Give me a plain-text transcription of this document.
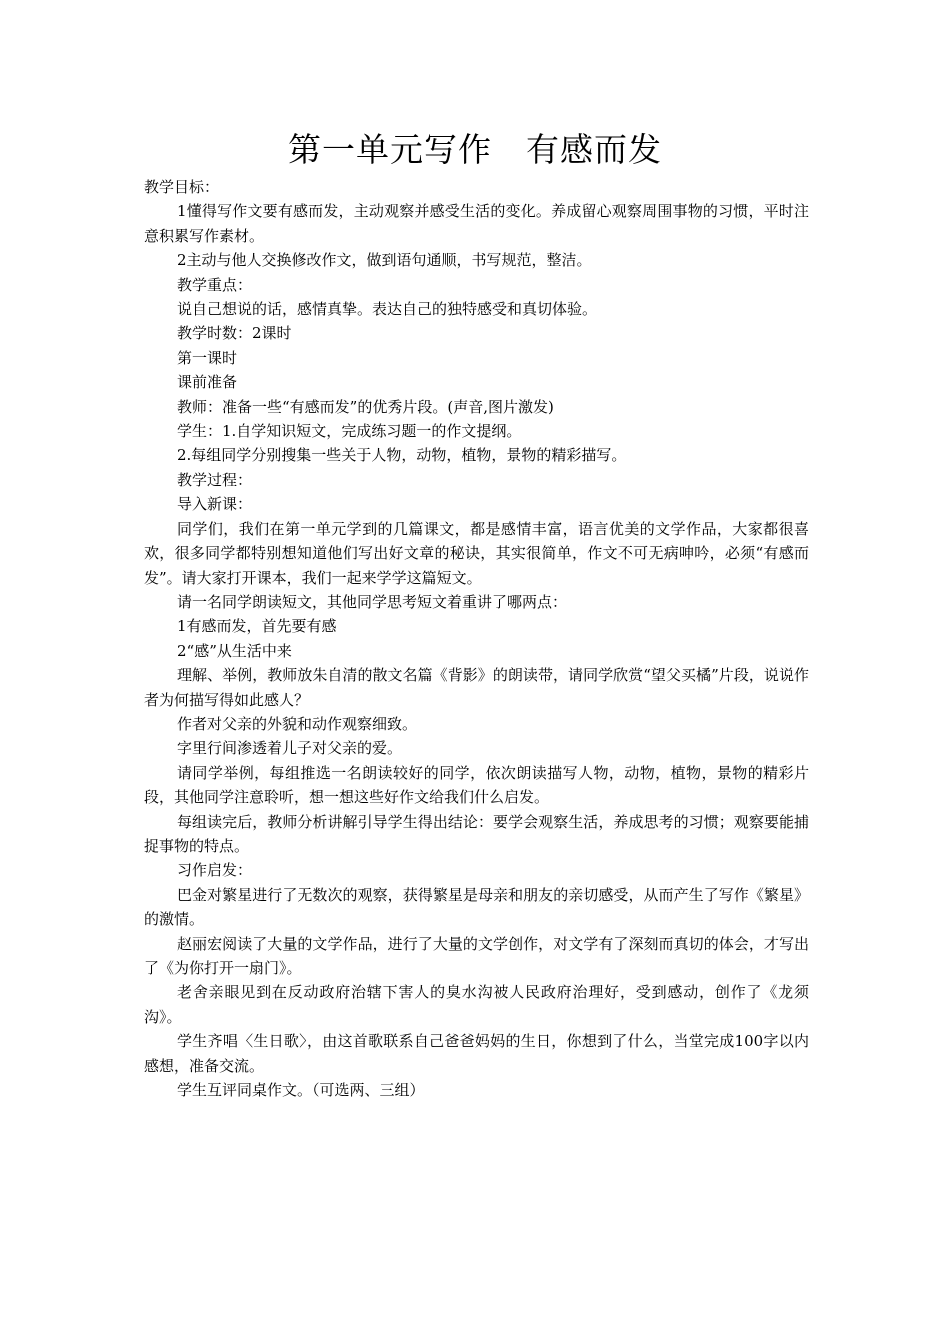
第一单元写作　有感而发

教学目标：

1懂得写作文要有感而发，主动观察并感受生活的变化。养成留心观察周围事物的习惯，平时注意积累写作素材。

2主动与他人交换修改作文，做到语句通顺，书写规范，整洁。

教学重点：

说自己想说的话，感情真挚。表达自己的独特感受和真切体验。

教学时数：2课时

第一课时

课前准备

教师：准备一些“有感而发”的优秀片段。(声音,图片激发)

学生：1.自学知识短文，完成练习题一的作文提纲。

2.每组同学分别搜集一些关于人物，动物，植物，景物的精彩描写。

教学过程：

导入新课：

同学们，我们在第一单元学到的几篇课文，都是感情丰富，语言优美的文学作品，大家都很喜欢，很多同学都特别想知道他们写出好文章的秘诀，其实很简单，作文不可无病呻吟，必须“有感而发”。请大家打开课本，我们一起来学学这篇短文。

请一名同学朗读短文，其他同学思考短文着重讲了哪两点：

1有感而发，首先要有感

2“感”从生活中来

理解、举例，教师放朱自清的散文名篇《背影》的朗读带，请同学欣赏“望父买橘”片段，说说作者为何描写得如此感人？

作者对父亲的外貌和动作观察细致。

字里行间渗透着儿子对父亲的爱。

请同学举例，每组推选一名朗读较好的同学，依次朗读描写人物，动物，植物，景物的精彩片段，其他同学注意聆听，想一想这些好作文给我们什么启发。

每组读完后，教师分析讲解引导学生得出结论：要学会观察生活，养成思考的习惯；观察要能捕捉事物的特点。

习作启发：

巴金对繁星进行了无数次的观察，获得繁星是母亲和朋友的亲切感受，从而产生了写作《繁星》的激情。

赵丽宏阅读了大量的文学作品，进行了大量的文学创作，对文学有了深刻而真切的体会，才写出了《为你打开一扇门》。

老舍亲眼见到在反动政府治辖下害人的臭水沟被人民政府治理好，受到感动，创作了《龙须沟》。

学生齐唱〈生日歌〉，由这首歌联系自己爸爸妈妈的生日，你想到了什么，当堂完成100字以内感想，准备交流。

学生互评同桌作文。（可选两、三组）
